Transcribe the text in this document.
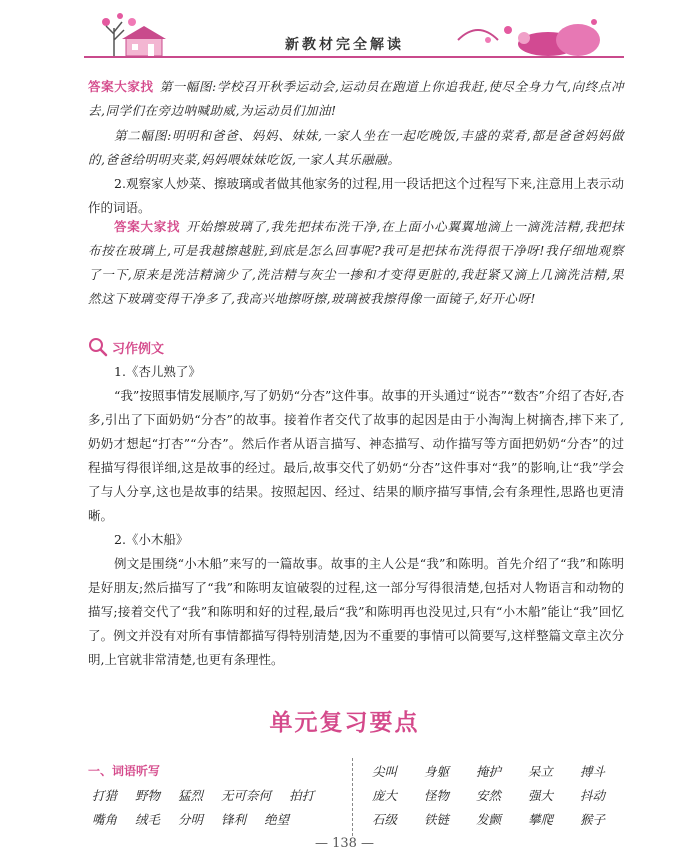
新教材完全解读

答案大家找 第一幅图:学校召开秋季运动会,运动员在跑道上你追我赶,使尽全身力气,向终点冲去,同学们在旁边呐喊助威,为运动员们加油!

第二幅图:明明和爸爸、妈妈、妹妹,一家人坐在一起吃晚饭,丰盛的菜肴,都是爸爸妈妈做的,爸爸给明明夹菜,妈妈喂妹妹吃饭,一家人其乐融融。

2.观察家人炒菜、擦玻璃或者做其他家务的过程,用一段话把这个过程写下来,注意用上表示动作的词语。

答案大家找 开始擦玻璃了,我先把抹布洗干净,在上面小心翼翼地滴上一滴洗洁精,我把抹布按在玻璃上,可是我越擦越脏,到底是怎么回事呢?我可是把抹布洗得很干净呀!我仔细地观察了一下,原来是洗洁精滴少了,洗洁精与灰尘一掺和才变得更脏的,我赶紧又滴上几滴洗洁精,果然这下玻璃变得干净多了,我高兴地擦呀擦,玻璃被我擦得像一面镜子,好开心呀!

习作例文

1.《杏儿熟了》

“我”按照事情发展顺序,写了奶奶“分杏”这件事。故事的开头通过“说杏”“数杏”介绍了杏好,杏多,引出了下面奶奶“分杏”的故事。接着作者交代了故事的起因是由于小淘淘上树摘杏,摔下来了,奶奶才想起“打杏”“分杏”。然后作者从语言描写、神态描写、动作描写等方面把奶奶“分杏”的过程描写得很详细,这是故事的经过。最后,故事交代了奶奶“分杏”这件事对“我”的影响,让“我”学会了与人分享,这也是故事的结果。按照起因、经过、结果的顺序描写事情,会有条理性,思路也更清晰。

2.《小木船》

例文是围绕“小木船”来写的一篇故事。故事的主人公是“我”和陈明。首先介绍了“我”和陈明是好朋友;然后描写了“我”和陈明友谊破裂的过程,这一部分写得很清楚,包括对人物语言和动物的描写;接着交代了“我”和陈明和好的过程,最后“我”和陈明再也没见过,只有“小木船”能让“我”回忆了。例文并没有对所有事情都描写得特别清楚,因为不重要的事情可以简要写,这样整篇文章主次分明,上官就非常清楚,也更有条理性。

单元复习要点
一、词语听写
打猎 野物 猛烈 无可奈何 拍打
嘴角 绒毛 分明 锋利 绝望
尖叫	身躯	掩护	呆立	搏斗
庞大	怪物	安然	强大	抖动
石级	铁链	发颤	攀爬	猴子
— 138 —
